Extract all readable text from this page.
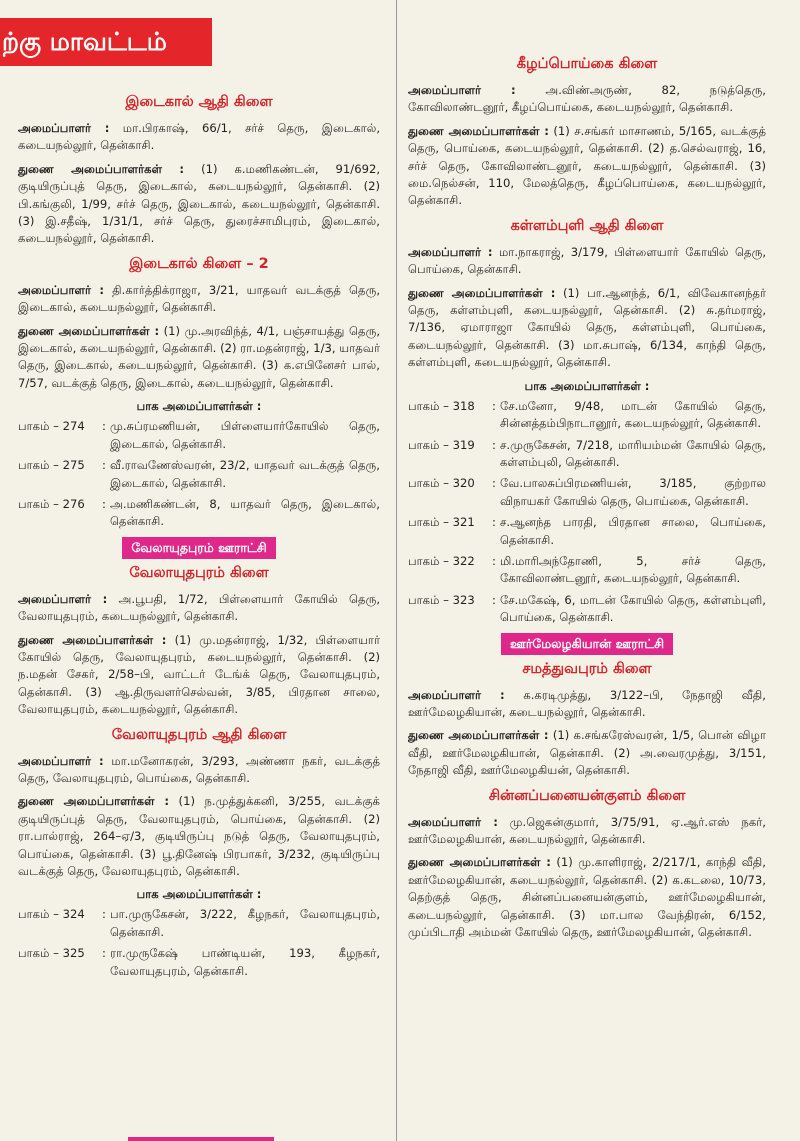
ற்கு மாவட்டம்
இடைகால் ஆதி கிளை

அமைப்பாளர் : மா.பிரகாஷ், 66/1, சர்ச் தெரு, இடைகால், கடையநல்லூர், தென்காசி.

துணை அமைப்பாளர்கள் : (1) க.மணிகண்டன், 91/692, குடியிருப்புத் தெரு, இடைகால், கடையநல்லூர், தென்காசி. (2) பி.கங்குலி, 1/99, சர்ச் தெரு, இடைகால், கடையநல்லூர், தென்காசி. (3) இ.சதீஷ், 1/31/1, சர்ச் தெரு, துரைச்சாமிபுரம், இடைகால், கடையநல்லூர், தென்காசி.

இடைகால் கிளை – 2

அமைப்பாளர் : தி.கார்த்திக்ராஜா, 3/21, யாதவர் வடக்குத் தெரு, இடைகால், கடையநல்லூர், தென்காசி.

துணை அமைப்பாளர்கள் : (1) மு.அரவிந்த், 4/1, பஞ்சாயத்து தெரு, இடைகால், கடையநல்லூர், தென்காசி. (2) ரா.மதன்ராஜ், 1/3, யாதவர் தெரு, இடைகால், கடையநல்லூர், தென்காசி. (3) க.எபினேசர் பால், 7/57, வடக்குத் தெரு, இடைகால், கடையநல்லூர், தென்காசி.

பாக அமைப்பாளர்கள் :
பாகம் – 274	: மு.சுப்ரமணியன், பிள்ளையார்கோயில் தெரு, இடைகால், தென்காசி.
பாகம் – 275	: வீ.ராவணேஸ்வரன், 23/2, யாதவர் வடக்குத் தெரு, இடைகால், தென்காசி.
பாகம் – 276	: அ.மணிகண்டன், 8, யாதவர் தெரு, இடைகால், தென்காசி.
வேலாயுதபுரம் ஊராட்சி
வேலாயுதபுரம் கிளை

அமைப்பாளர் : அ.பூபதி, 1/72, பிள்ளையார் கோயில் தெரு, வேலாயுதபுரம், கடையநல்லூர், தென்காசி.

துணை அமைப்பாளர்கள் : (1) மு.மதன்ராஜ், 1/32, பிள்ளையார் கோயில் தெரு, வேலாயுதபுரம், கடையநல்லூர், தென்காசி. (2) ந.மதன் சேகர், 2/58–பி, வாட்டர் டேங்க் தெரு, வேலாயுதபுரம், தென்காசி. (3) ஆ.திருவளர்செல்வன், 3/85, பிரதான சாலை, வேலாயுதபுரம், கடையநல்லூர், தென்காசி.

வேலாயுதபுரம் ஆதி கிளை

அமைப்பாளர் : மா.மனோகரன், 3/293, அண்ணா நகர், வடக்குத் தெரு, வேலாயுதபுரம், பொய்கை, தென்காசி.

துணை அமைப்பாளர்கள் : (1) ந.முத்துக்கனி, 3/255, வடக்குக் குடியிருப்புத் தெரு, வேலாயுதபுரம், பொய்கை, தென்காசி. (2) ரா.பால்ராஜ், 264–ஏ/3, குடியிருப்பு நடுத் தெரு, வேலாயுதபுரம், பொய்கை, தென்காசி. (3) பூ.தினேஷ் பிரபாகர், 3/232, குடியிருப்பு வடக்குத் தெரு, வேலாயுதபுரம், தென்காசி.

பாக அமைப்பாளர்கள் :
பாகம் – 324	: பா.முருகேசன், 3/222, கீழநகர், வேலாயுதபுரம், தென்காசி.
பாகம் – 325	: ரா.முருகேஷ் பாண்டியன், 193, கீழநகர், வேலாயுதபுரம், தென்காசி.
கீழப்பொய்கை கிளை

அமைப்பாளர் :	அ.விண்அருண், 82, நடுத்தெரு, கோவிலாண்டனூர், கீழப்பொய்கை, கடையநல்லூர், தென்காசி.

துணை அமைப்பாளர்கள் : (1) ச.சங்கர் மாசாணம், 5/165, வடக்குத் தெரு, பொய்கை, கடையநல்லூர், தென்காசி. (2) த.செல்வராஜ், 16, சர்ச் தெரு, கோவிலாண்டனூர், கடையநல்லூர், தென்காசி. (3) மை.நெல்சன், 110, மேலத்தெரு, கீழப்பொய்கை, கடையநல்லூர், தென்காசி.

கள்ளம்புளி ஆதி கிளை

அமைப்பாளர் : மா.நாகராஜ், 3/179, பிள்ளையார் கோயில் தெரு, பொய்கை, தென்காசி.

துணை அமைப்பாளர்கள் : (1) பா.ஆனந்த், 6/1, விவேகானந்தர் தெரு, கள்ளம்புளி, கடையநல்லூர், தென்காசி. (2) சு.தர்மராஜ், 7/136, ஏமாராஜா கோயில் தெரு, கள்ளம்புளி, பொய்கை, கடையநல்லூர், தென்காசி. (3) மா.சுபாஷ், 6/134, காந்தி தெரு, கள்ளம்புளி, கடையநல்லூர், தென்காசி.

பாக அமைப்பாளர்கள் :
பாகம் – 318	: சே.மனோ, 9/48, மாடன் கோயில் தெரு, சின்னத்தம்பிநாடானூர், கடையநல்லூர், தென்காசி.
பாகம் – 319	: ச.முருகேசன், 7/218, மாரியம்மன் கோயில் தெரு, கள்ளம்புலி, தென்காசி.
பாகம் – 320	: வே.பாலசுப்பிரமணியன், 3/185, குற்றால விநாயகர் கோயில் தெரு, பொய்கை, தென்காசி.
பாகம் – 321	: ச.ஆனந்த பாரதி, பிரதான சாலை, பொய்கை, தென்காசி.
பாகம் – 322	: மி.மாரிஅந்தோணி, 5, சர்ச் தெரு, கோவிலாண்டனூர், கடையநல்லூர், தென்காசி.
பாகம் – 323	: சே.மகேஷ், 6, மாடன் கோயில் தெரு, கள்ளம்புளி, பொய்கை, தென்காசி.
ஊர்மேலழகியான் ஊராட்சி
சமத்துவபுரம் கிளை

அமைப்பாளர் : க.கரடிமுத்து, 3/122–பி, நேதாஜி வீதி, ஊர்மேலழகியான், கடையநல்லூர், தென்காசி.

துணை அமைப்பாளர்கள் : (1) க.சங்கரேஸ்வரன், 1/5, பொன் விழா வீதி, ஊர்மேலழகியான், தென்காசி. (2) அ.வைரமுத்து, 3/151, நேதாஜி வீதி, ஊர்மேலழகியன், தென்காசி.

சின்னப்பனையன்குளம் கிளை

அமைப்பாளர் : மு.ஜெகன்குமார், 3/75/91, ஏ.ஆர்.எஸ் நகர், ஊர்மேலழகியான், கடையநல்லூர், தென்காசி.

துணை அமைப்பாளர்கள் : (1) மு.காளிராஜ், 2/217/1, காந்தி வீதி, ஊர்மேலழகியான், கடையநல்லூர், தென்காசி. (2) க.கடலை, 10/73, தெற்குத் தெரு, சின்னப்பனையன்குளம், ஊர்மேலழகியான், கடையநல்லூர், தென்காசி. (3) மா.பால வேந்திரன், 6/152, முப்பிடாதி அம்மன் கோயில் தெரு, ஊர்மேலழகியான், தென்காசி.
